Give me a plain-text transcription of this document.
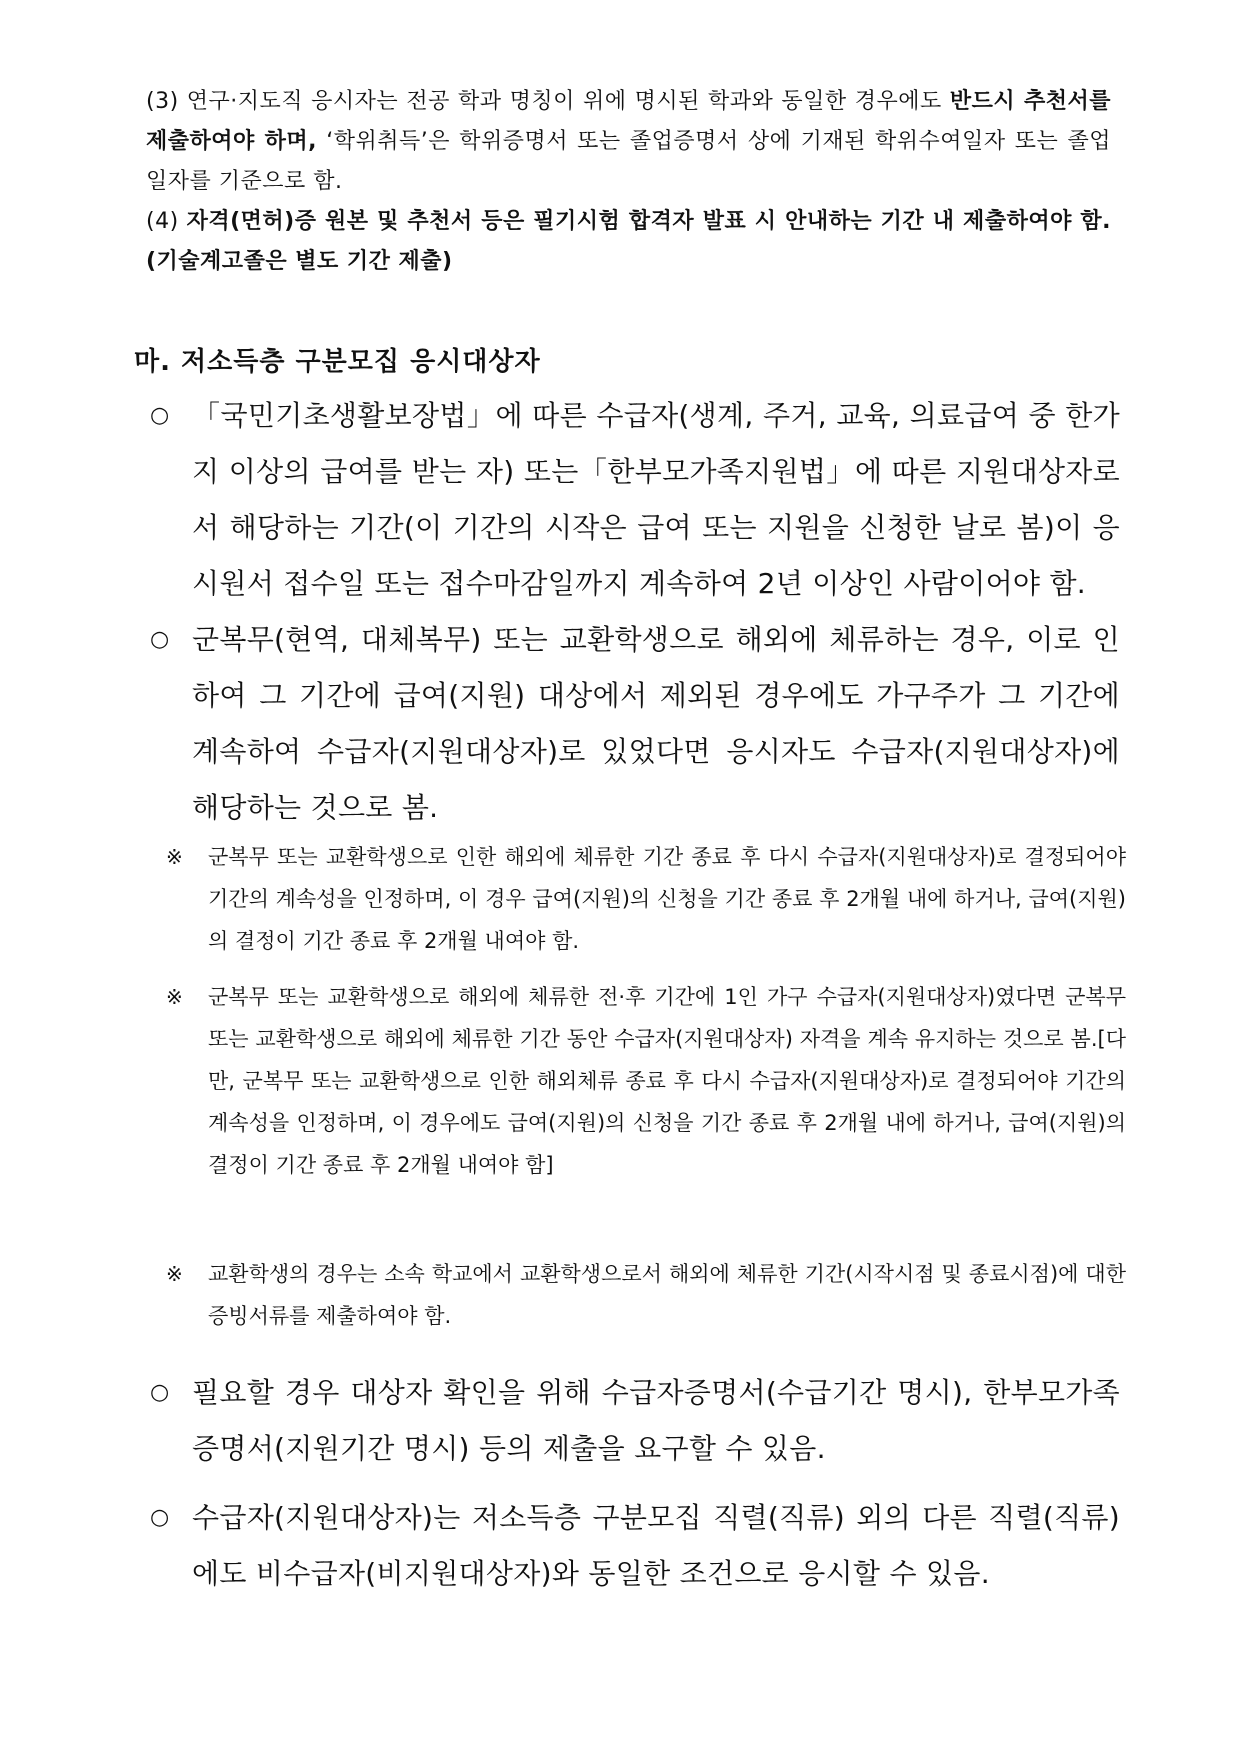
(3) 연구·지도직 응시자는 전공 학과 명칭이 위에 명시된 학과와 동일한 경우에도 반드시 추천서를 제출하여야 하며, ‘학위취득’은 학위증명서 또는 졸업증명서 상에 기재된 학위수여일자 또는 졸업일자를 기준으로 함.

(4) 자격(면허)증 원본 및 추천서 등은 필기시험 합격자 발표 시 안내하는 기간 내 제출하여야 함.(기술계고졸은 별도 기간 제출)

마. 저소득층 구분모집 응시대상자
○ 「국민기초생활보장법」에 따른 수급자(생계, 주거, 교육, 의료급여 중 한가지 이상의 급여를 받는 자) 또는「한부모가족지원법」에 따른 지원대상자로서 해당하는 기간(이 기간의 시작은 급여 또는 지원을 신청한 날로 봄)이 응시원서 접수일 또는 접수마감일까지 계속하여 2년 이상인 사람이어야 함.
○ 군복무(현역, 대체복무) 또는 교환학생으로 해외에 체류하는 경우, 이로 인하여 그 기간에 급여(지원) 대상에서 제외된 경우에도 가구주가 그 기간에 계속하여 수급자(지원대상자)로 있었다면 응시자도 수급자(지원대상자)에 해당하는 것으로 봄.
※ 군복무 또는 교환학생으로 인한 해외에 체류한 기간 종료 후 다시 수급자(지원대상자)로 결정되어야 기간의 계속성을 인정하며, 이 경우 급여(지원)의 신청을 기간 종료 후 2개월 내에 하거나, 급여(지원)의 결정이 기간 종료 후 2개월 내여야 함.
※ 군복무 또는 교환학생으로 해외에 체류한 전·후 기간에 1인 가구 수급자(지원대상자)였다면 군복무 또는 교환학생으로 해외에 체류한 기간 동안 수급자(지원대상자) 자격을 계속 유지하는 것으로 봄.[다만, 군복무 또는 교환학생으로 인한 해외체류 종료 후 다시 수급자(지원대상자)로 결정되어야 기간의 계속성을 인정하며, 이 경우에도 급여(지원)의 신청을 기간 종료 후 2개월 내에 하거나, 급여(지원)의 결정이 기간 종료 후 2개월 내여야 함]
※ 교환학생의 경우는 소속 학교에서 교환학생으로서 해외에 체류한 기간(시작시점 및 종료시점)에 대한 증빙서류를 제출하여야 함.
○ 필요할 경우 대상자 확인을 위해 수급자증명서(수급기간 명시), 한부모가족증명서(지원기간 명시) 등의 제출을 요구할 수 있음.
○ 수급자(지원대상자)는 저소득층 구분모집 직렬(직류) 외의 다른 직렬(직류)에도 비수급자(비지원대상자)와 동일한 조건으로 응시할 수 있음.
